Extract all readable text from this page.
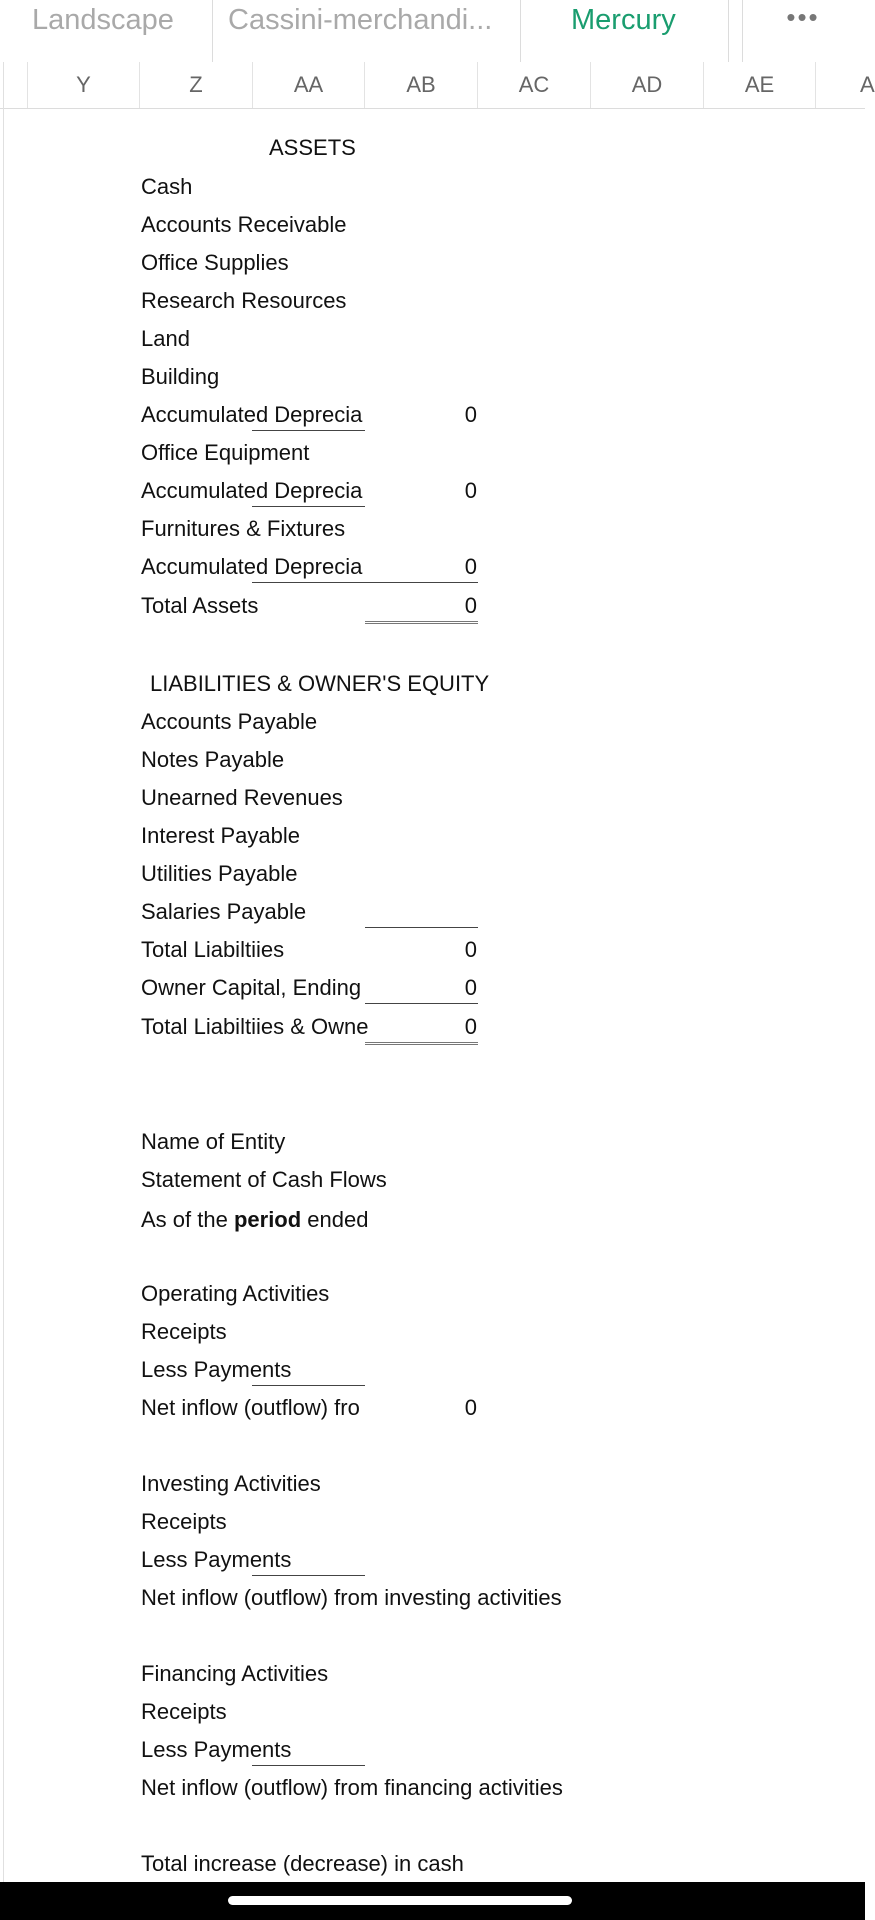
Landscape	Cassini-merchandi...	Mercury	•••
Y	Z	AA	AB	AC	AD	AE	A
ASSETS
Cash
Accounts Receivable
Office Supplies
Research Resources
Land
Building
Accumulated Deprecia	0
Office Equipment
Accumulated Deprecia	0
Furnitures & Fixtures
Accumulated Deprecia	0
Total Assets	0
LIABILITIES & OWNER'S EQUITY
Accounts Payable
Notes Payable
Unearned Revenues
Interest Payable
Utilities Payable
Salaries Payable
Total Liabiltiies	0
Owner Capital, Ending	0
Total Liabiltiies & Owne	0
Name of Entity
Statement of Cash Flows
As of the period ended
Operating Activities
Receipts
Less Payments
Net inflow (outflow) fro	0
Investing Activities
Receipts
Less Payments
Net inflow (outflow) from investing activities
Financing Activities
Receipts
Less Payments
Net inflow (outflow) from financing activities
Total increase (decrease) in cash
